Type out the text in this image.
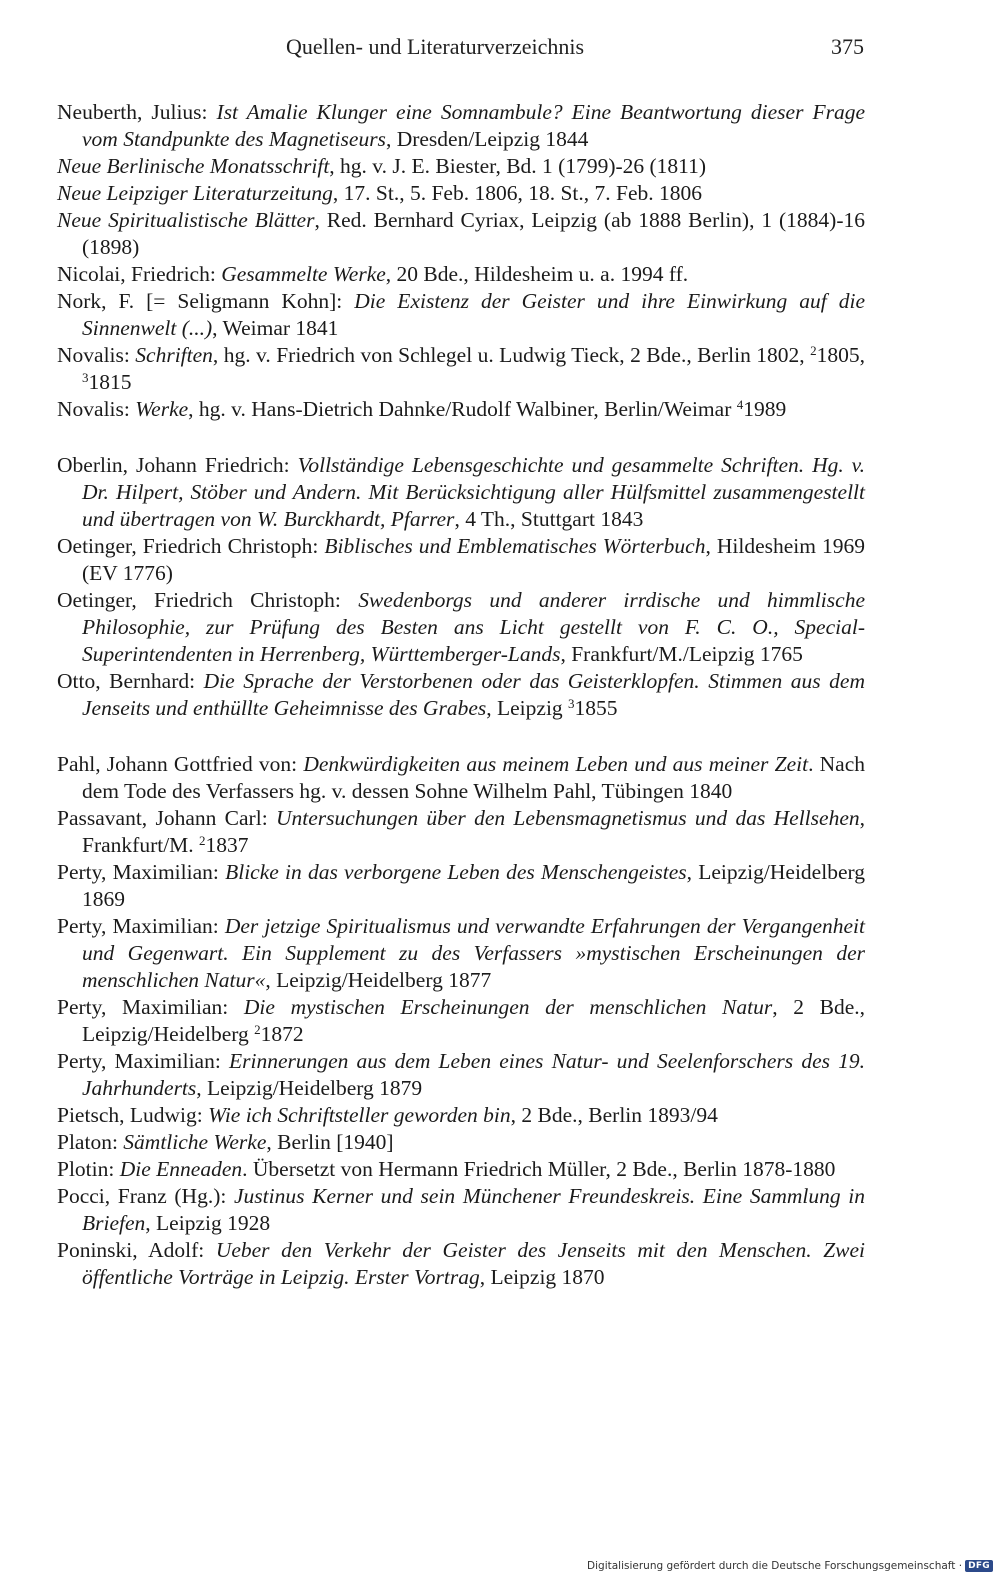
Quellen- und Literaturverzeichnis	375

Neuberth, Julius: Ist Amalie Klunger eine Somnambule? Eine Beantwortung dieser Frage vom Standpunkte des Magnetiseurs, Dresden/Leipzig 1844

Neue Berlinische Monatsschrift, hg. v. J. E. Biester, Bd. 1 (1799)-26 (1811)

Neue Leipziger Literaturzeitung, 17. St., 5. Feb. 1806, 18. St., 7. Feb. 1806

Neue Spiritualistische Blätter, Red. Bernhard Cyriax, Leipzig (ab 1888 Berlin), 1 (1884)-16 (1898)

Nicolai, Friedrich: Gesammelte Werke, 20 Bde., Hildesheim u. a. 1994 ff.

Nork, F. [= Seligmann Kohn]: Die Existenz der Geister und ihre Einwirkung auf die Sinnenwelt (...), Weimar 1841

Novalis: Schriften, hg. v. Friedrich von Schlegel u. Ludwig Tieck, 2 Bde., Berlin 1802, $^2$1805, $^3$1815

Novalis: Werke, hg. v. Hans-Dietrich Dahnke/Rudolf Walbiner, Berlin/Weimar $^4$1989

Oberlin, Johann Friedrich: Vollständige Lebensgeschichte und gesammelte Schriften. Hg. v. Dr. Hilpert, Stöber und Andern. Mit Berücksichtigung aller Hülfsmittel zusammengestellt und übertragen von W. Burckhardt, Pfarrer, 4 Th., Stuttgart 1843

Oetinger, Friedrich Christoph: Biblisches und Emblematisches Wörterbuch, Hildesheim 1969 (EV 1776)

Oetinger, Friedrich Christoph: Swedenborgs und anderer irrdische und himmlische Philosophie, zur Prüfung des Besten ans Licht gestellt von F. C. O., Special-Superintendenten in Herrenberg, Württemberger-Lands, Frankfurt/M./Leipzig 1765

Otto, Bernhard: Die Sprache der Verstorbenen oder das Geisterklopfen. Stimmen aus dem Jenseits und enthüllte Geheimnisse des Grabes, Leipzig $^3$1855

Pahl, Johann Gottfried von: Denkwürdigkeiten aus meinem Leben und aus meiner Zeit. Nach dem Tode des Verfassers hg. v. dessen Sohne Wilhelm Pahl, Tübingen 1840

Passavant, Johann Carl: Untersuchungen über den Lebensmagnetismus und das Hellsehen, Frankfurt/M. $^2$1837

Perty, Maximilian: Blicke in das verborgene Leben des Menschengeistes, Leipzig/Heidelberg 1869

Perty, Maximilian: Der jetzige Spiritualismus und verwandte Erfahrungen der Vergangenheit und Gegenwart. Ein Supplement zu des Verfassers »mystischen Erscheinungen der menschlichen Natur«, Leipzig/Heidelberg 1877

Perty, Maximilian: Die mystischen Erscheinungen der menschlichen Natur, 2 Bde., Leipzig/Heidelberg $^2$1872

Perty, Maximilian: Erinnerungen aus dem Leben eines Natur- und Seelenforschers des 19. Jahrhunderts, Leipzig/Heidelberg 1879

Pietsch, Ludwig: Wie ich Schriftsteller geworden bin, 2 Bde., Berlin 1893/94

Platon: Sämtliche Werke, Berlin [1940]

Plotin: Die Enneaden. Übersetzt von Hermann Friedrich Müller, 2 Bde., Berlin 1878-1880

Pocci, Franz (Hg.): Justinus Kerner und sein Münchener Freundeskreis. Eine Sammlung in Briefen, Leipzig 1928

Poninski, Adolf: Ueber den Verkehr der Geister des Jenseits mit den Menschen. Zwei öffentliche Vorträge in Leipzig. Erster Vortrag, Leipzig 1870

Digitalisierung gefördert durch die Deutsche Forschungsgemeinschaft · DFG
